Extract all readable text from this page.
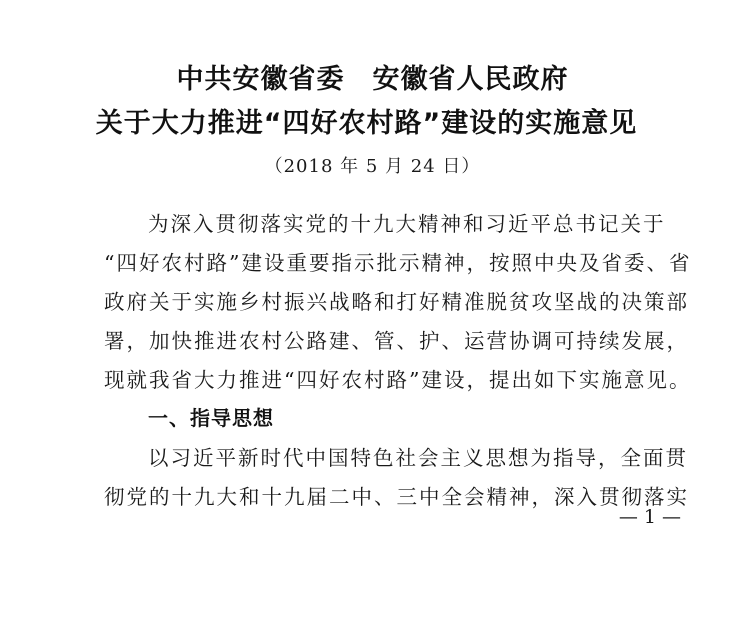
中共安徽省委　安徽省人民政府
关于大力推进“四好农村路”建设的实施意见
（2018 年 5 月 24 日）
为深入贯彻落实党的十九大精神和习近平总书记关于
“四好农村路”建设重要指示批示精神，按照中央及省委、省
政府关于实施乡村振兴战略和打好精准脱贫攻坚战的决策部
署，加快推进农村公路建、管、护、运营协调可持续发展，
现就我省大力推进“四好农村路”建设，提出如下实施意见。
一、指导思想
以习近平新时代中国特色社会主义思想为指导，全面贯
彻党的十九大和十九届二中、三中全会精神，深入贯彻落实
— 1 —
